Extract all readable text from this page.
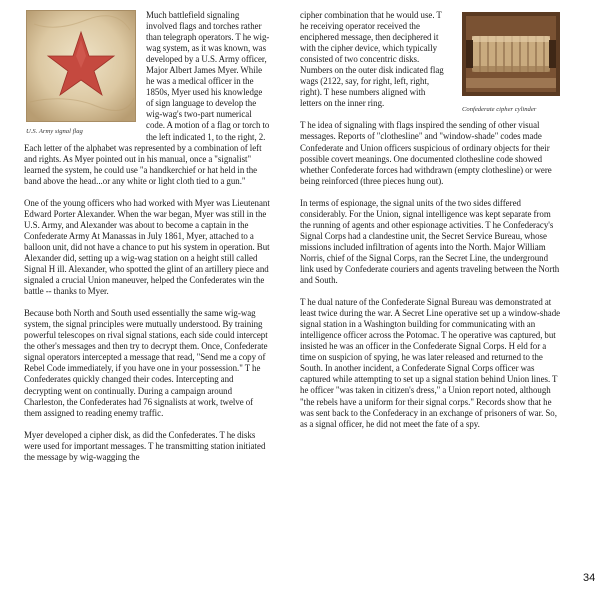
U.S. Army signal flag

Much battlefield signaling involved flags and torches rather than telegraph operators. T he wig-wag system, as it was known, was developed by a U.S. Army officer, Major Albert James Myer. While he was a medical officer in the 1850s, Myer used his knowledge of sign language to develop the wig-wag's two-part numerical code. A motion of a flag or torch to the left indicated 1, to the right, 2. Each letter of the alphabet was represented by a combination of left and rights. As Myer pointed out in his manual, once a "signalist" learned the system, he could use "a handkerchief or hat held in the band above the head...or any white or light cloth tied to a gun."

One of the young officers who had worked with Myer was Lieutenant Edward Porter Alexander. When the war began, Myer was still in the U.S. Army, and Alexander was about to become a captain in the Confederate Army At Manassas in July 1861, Myer, attached to a balloon unit, did not have a chance to put his system in operation. But Alexander did, setting up a wig-wag station on a height still called Signal H ill. Alexander, who spotted the glint of an artillery piece and signaled a crucial Union maneuver, helped the Confederates win the battle -- thanks to Myer.

Because both North and South used essentially the same wig-wag system, the signal principles were mutually understood. By training powerful telescopes on rival signal stations, each side could intercept the other's messages and then try to decrypt them. Once, Confederate signal operators intercepted a message that read, "Send me a copy of Rebel Code immediately, if you have one in your possession." T he Confederates quickly changed their codes. Intercepting and decrypting went on continually. During a campaign around Charleston, the Confederates had 76 signalists at work, twelve of them assigned to reading enemy traffic.

Myer developed a cipher disk, as did the Confederates. T he disks were used for important messages. T he transmitting station initiated the message by wig-wagging the

Confederate cipher cylinder

cipher combination that he would use. T he receiving operator received the enciphered message, then deciphered it with the cipher device, which typically consisted of two concentric disks. Numbers on the outer disk indicated flag wags (2122, say, for right, left, right, right). T hese numbers aligned with letters on the inner ring.

T he idea of signaling with flags inspired the sending of other visual messages. Reports of "clothesline" and "window-shade" codes made Confederate and Union officers suspicious of ordinary objects for their possible covert meanings. One documented clothesline code showed whether Confederate forces had withdrawn (empty clothesline) or were being reinforced (three pieces hung out).

In terms of espionage, the signal units of the two sides differed considerably. For the Union, signal intelligence was kept separate from the running of agents and other espionage activities. T he Confederacy's Signal Corps had a clandestine unit, the Secret Service Bureau, whose missions included infiltration of agents into the North. Major William Norris, chief of the Signal Corps, ran the Secret Line, the underground link used by Confederate couriers and agents traveling between the North and South.

T he dual nature of the Confederate Signal Bureau was demonstrated at least twice during the war. A Secret Line operative set up a window-shade signal station in a Washington building for communicating with an intelligence officer across the Potomac. T he operative was captured, but insisted he was an officer in the Confederate Signal Corps. H eld for a time on suspicion of spying, he was later released and returned to the South. In another incident, a Confederate Signal Corps officer was captured while attempting to set up a signal station behind Union lines. T he officer "was taken in citizen's dress," a Union report noted, although "the rebels have a uniform for their signal corps." Records show that he was sent back to the Confederacy in an exchange of prisoners of war. So, as a signal officer, he did not meet the fate of a spy.

34
